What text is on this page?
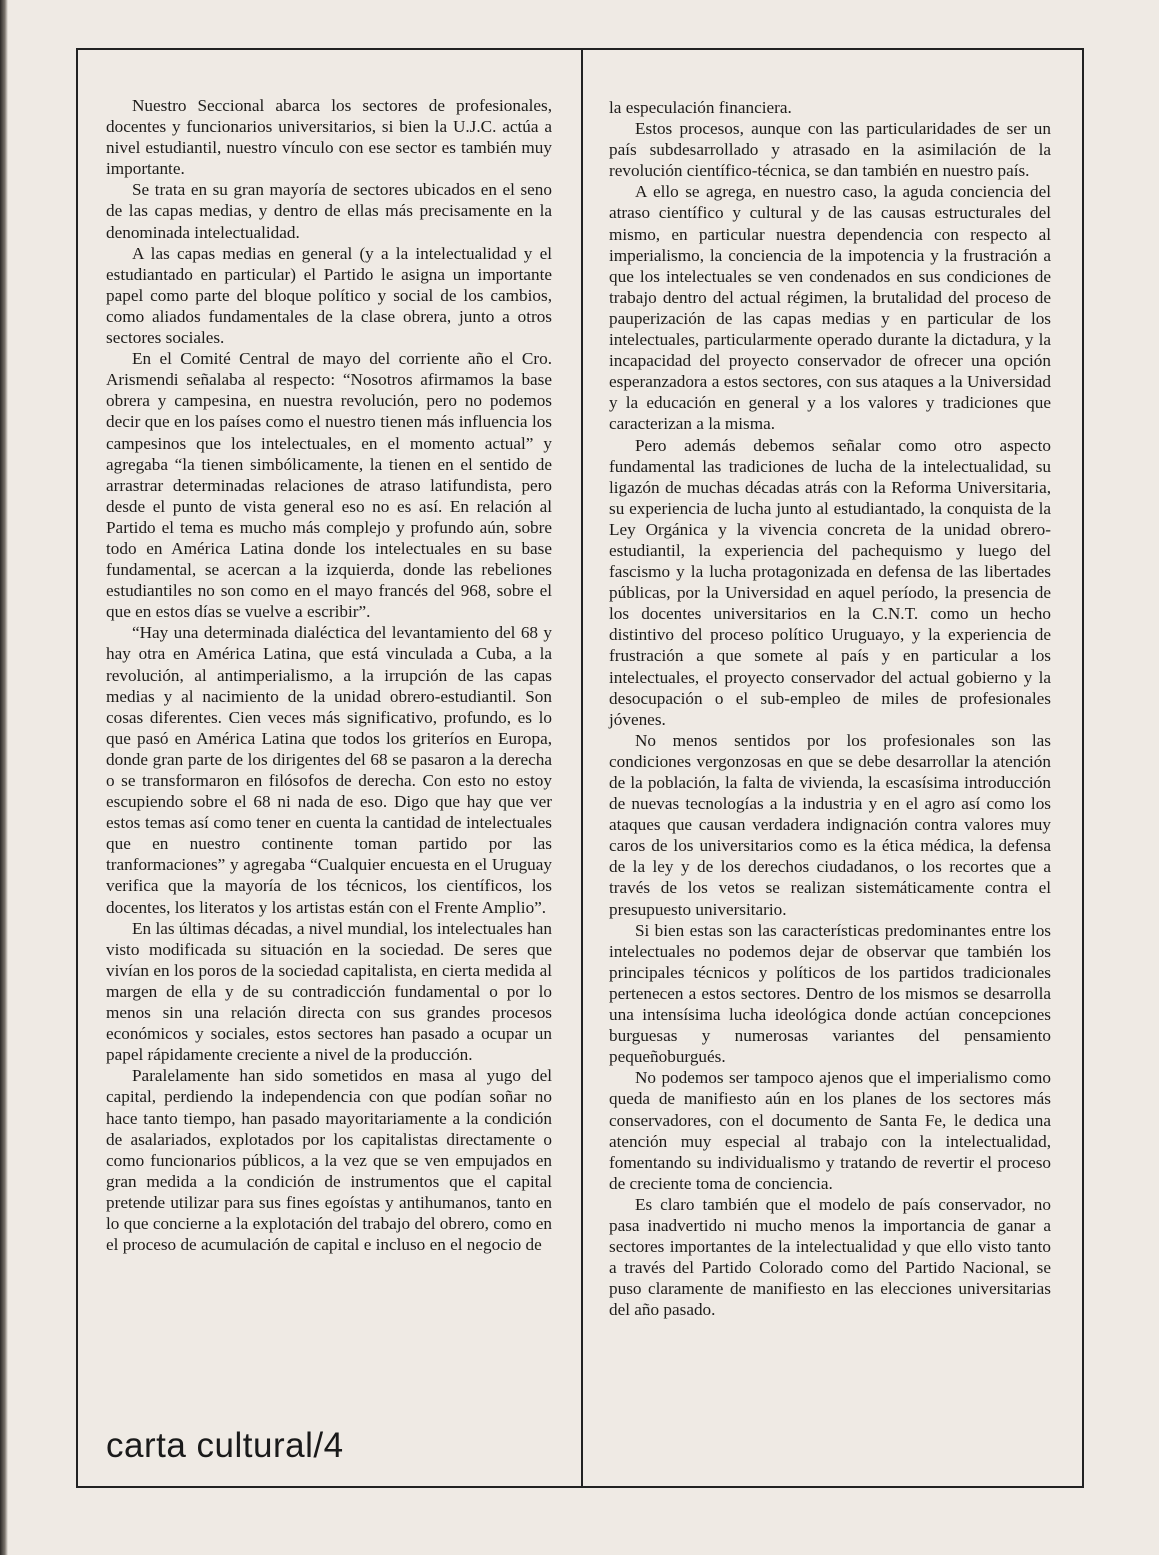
Nuestro Seccional abarca los sectores de profesionales, docentes y funcionarios universitarios, si bien la U.J.C. actúa a nivel estudiantil, nuestro vínculo con ese sector es también muy importante.

Se trata en su gran mayoría de sectores ubicados en el seno de las capas medias, y dentro de ellas más precisamente en la denominada intelectualidad.

A las capas medias en general (y a la intelectualidad y el estudiantado en particular) el Partido le asigna un importante papel como parte del bloque político y social de los cambios, como aliados fundamentales de la clase obrera, junto a otros sectores sociales.

En el Comité Central de mayo del corriente año el Cro. Arismendi señalaba al respecto: “Nosotros afirmamos la base obrera y campesina, en nuestra revolución, pero no podemos decir que en los países como el nuestro tienen más influencia los campesinos que los intelectuales, en el momento actual” y agregaba “la tienen simbólicamente, la tienen en el sentido de arrastrar determinadas relaciones de atraso latifundista, pero desde el punto de vista general eso no es así. En relación al Partido el tema es mucho más complejo y profundo aún, sobre todo en América Latina donde los intelectuales en su base fundamental, se acercan a la izquierda, donde las rebeliones estudiantiles no son como en el mayo francés del 968, sobre el que en estos días se vuelve a escribir”.

“Hay una determinada dialéctica del levantamiento del 68 y hay otra en América Latina, que está vinculada a Cuba, a la revolución, al antimperialismo, a la irrupción de las capas medias y al nacimiento de la unidad obrero-estudiantil. Son cosas diferentes. Cien veces más significativo, profundo, es lo que pasó en América Latina que todos los griteríos en Europa, donde gran parte de los dirigentes del 68 se pasaron a la derecha o se transformaron en filósofos de derecha. Con esto no estoy escupiendo sobre el 68 ni nada de eso. Digo que hay que ver estos temas así como tener en cuenta la cantidad de intelectuales que en nuestro continente toman partido por las tranformaciones” y agregaba “Cualquier encuesta en el Uruguay verifica que la mayoría de los técnicos, los científicos, los docentes, los literatos y los artistas están con el Frente Amplio”.

En las últimas décadas, a nivel mundial, los intelectuales han visto modificada su situación en la sociedad. De seres que vivían en los poros de la sociedad capitalista, en cierta medida al margen de ella y de su contradicción fundamental o por lo menos sin una relación directa con sus grandes procesos económicos y sociales, estos sectores han pasado a ocupar un papel rápidamente creciente a nivel de la producción.

Paralelamente han sido sometidos en masa al yugo del capital, perdiendo la independencia con que podían soñar no hace tanto tiempo, han pasado mayoritariamente a la condición de asalariados, explotados por los capitalistas directamente o como funcionarios públicos, a la vez que se ven empujados en gran medida a la condición de instrumentos que el capital pretende utilizar para sus fines egoístas y antihumanos, tanto en lo que concierne a la explotación del trabajo del obrero, como en el proceso de acumulación de capital e incluso en el negocio de

la especulación financiera.

Estos procesos, aunque con las particularidades de ser un país subdesarrollado y atrasado en la asimilación de la revolución científico-técnica, se dan también en nuestro país.

A ello se agrega, en nuestro caso, la aguda conciencia del atraso científico y cultural y de las causas estructurales del mismo, en particular nuestra dependencia con respecto al imperialismo, la conciencia de la impotencia y la frustración a que los intelectuales se ven condenados en sus condiciones de trabajo dentro del actual régimen, la brutalidad del proceso de pauperización de las capas medias y en particular de los intelectuales, particularmente operado durante la dictadura, y la incapacidad del proyecto conservador de ofrecer una opción esperanzadora a estos sectores, con sus ataques a la Universidad y la educación en general y a los valores y tradiciones que caracterizan a la misma.

Pero además debemos señalar como otro aspecto fundamental las tradiciones de lucha de la intelectualidad, su ligazón de muchas décadas atrás con la Reforma Universitaria, su experiencia de lucha junto al estudiantado, la conquista de la Ley Orgánica y la vivencia concreta de la unidad obrero-estudiantil, la experiencia del pachequismo y luego del fascismo y la lucha protagonizada en defensa de las libertades públicas, por la Universidad en aquel período, la presencia de los docentes universitarios en la C.N.T. como un hecho distintivo del proceso político Uruguayo, y la experiencia de frustración a que somete al país y en particular a los intelectuales, el proyecto conservador del actual gobierno y la desocupación o el sub-empleo de miles de profesionales jóvenes.

No menos sentidos por los profesionales son las condiciones vergonzosas en que se debe desarrollar la atención de la población, la falta de vivienda, la escasísima introducción de nuevas tecnologías a la industria y en el agro así como los ataques que causan verdadera indignación contra valores muy caros de los universitarios como es la ética médica, la defensa de la ley y de los derechos ciudadanos, o los recortes que a través de los vetos se realizan sistemáticamente contra el presupuesto universitario.

Si bien estas son las características predominantes entre los intelectuales no podemos dejar de observar que también los principales técnicos y políticos de los partidos tradicionales pertenecen a estos sectores. Dentro de los mismos se desarrolla una intensísima lucha ideológica donde actúan concepciones burguesas y numerosas variantes del pensamiento pequeñoburgués.

No podemos ser tampoco ajenos que el imperialismo como queda de manifiesto aún en los planes de los sectores más conservadores, con el documento de Santa Fe, le dedica una atención muy especial al trabajo con la intelectualidad, fomentando su individualismo y tratando de revertir el proceso de creciente toma de conciencia.

Es claro también que el modelo de país conservador, no pasa inadvertido ni mucho menos la importancia de ganar a sectores importantes de la intelectualidad y que ello visto tanto a través del Partido Colorado como del Partido Nacional, se puso claramente de manifiesto en las elecciones universitarias del año pasado.

carta cultural/4
